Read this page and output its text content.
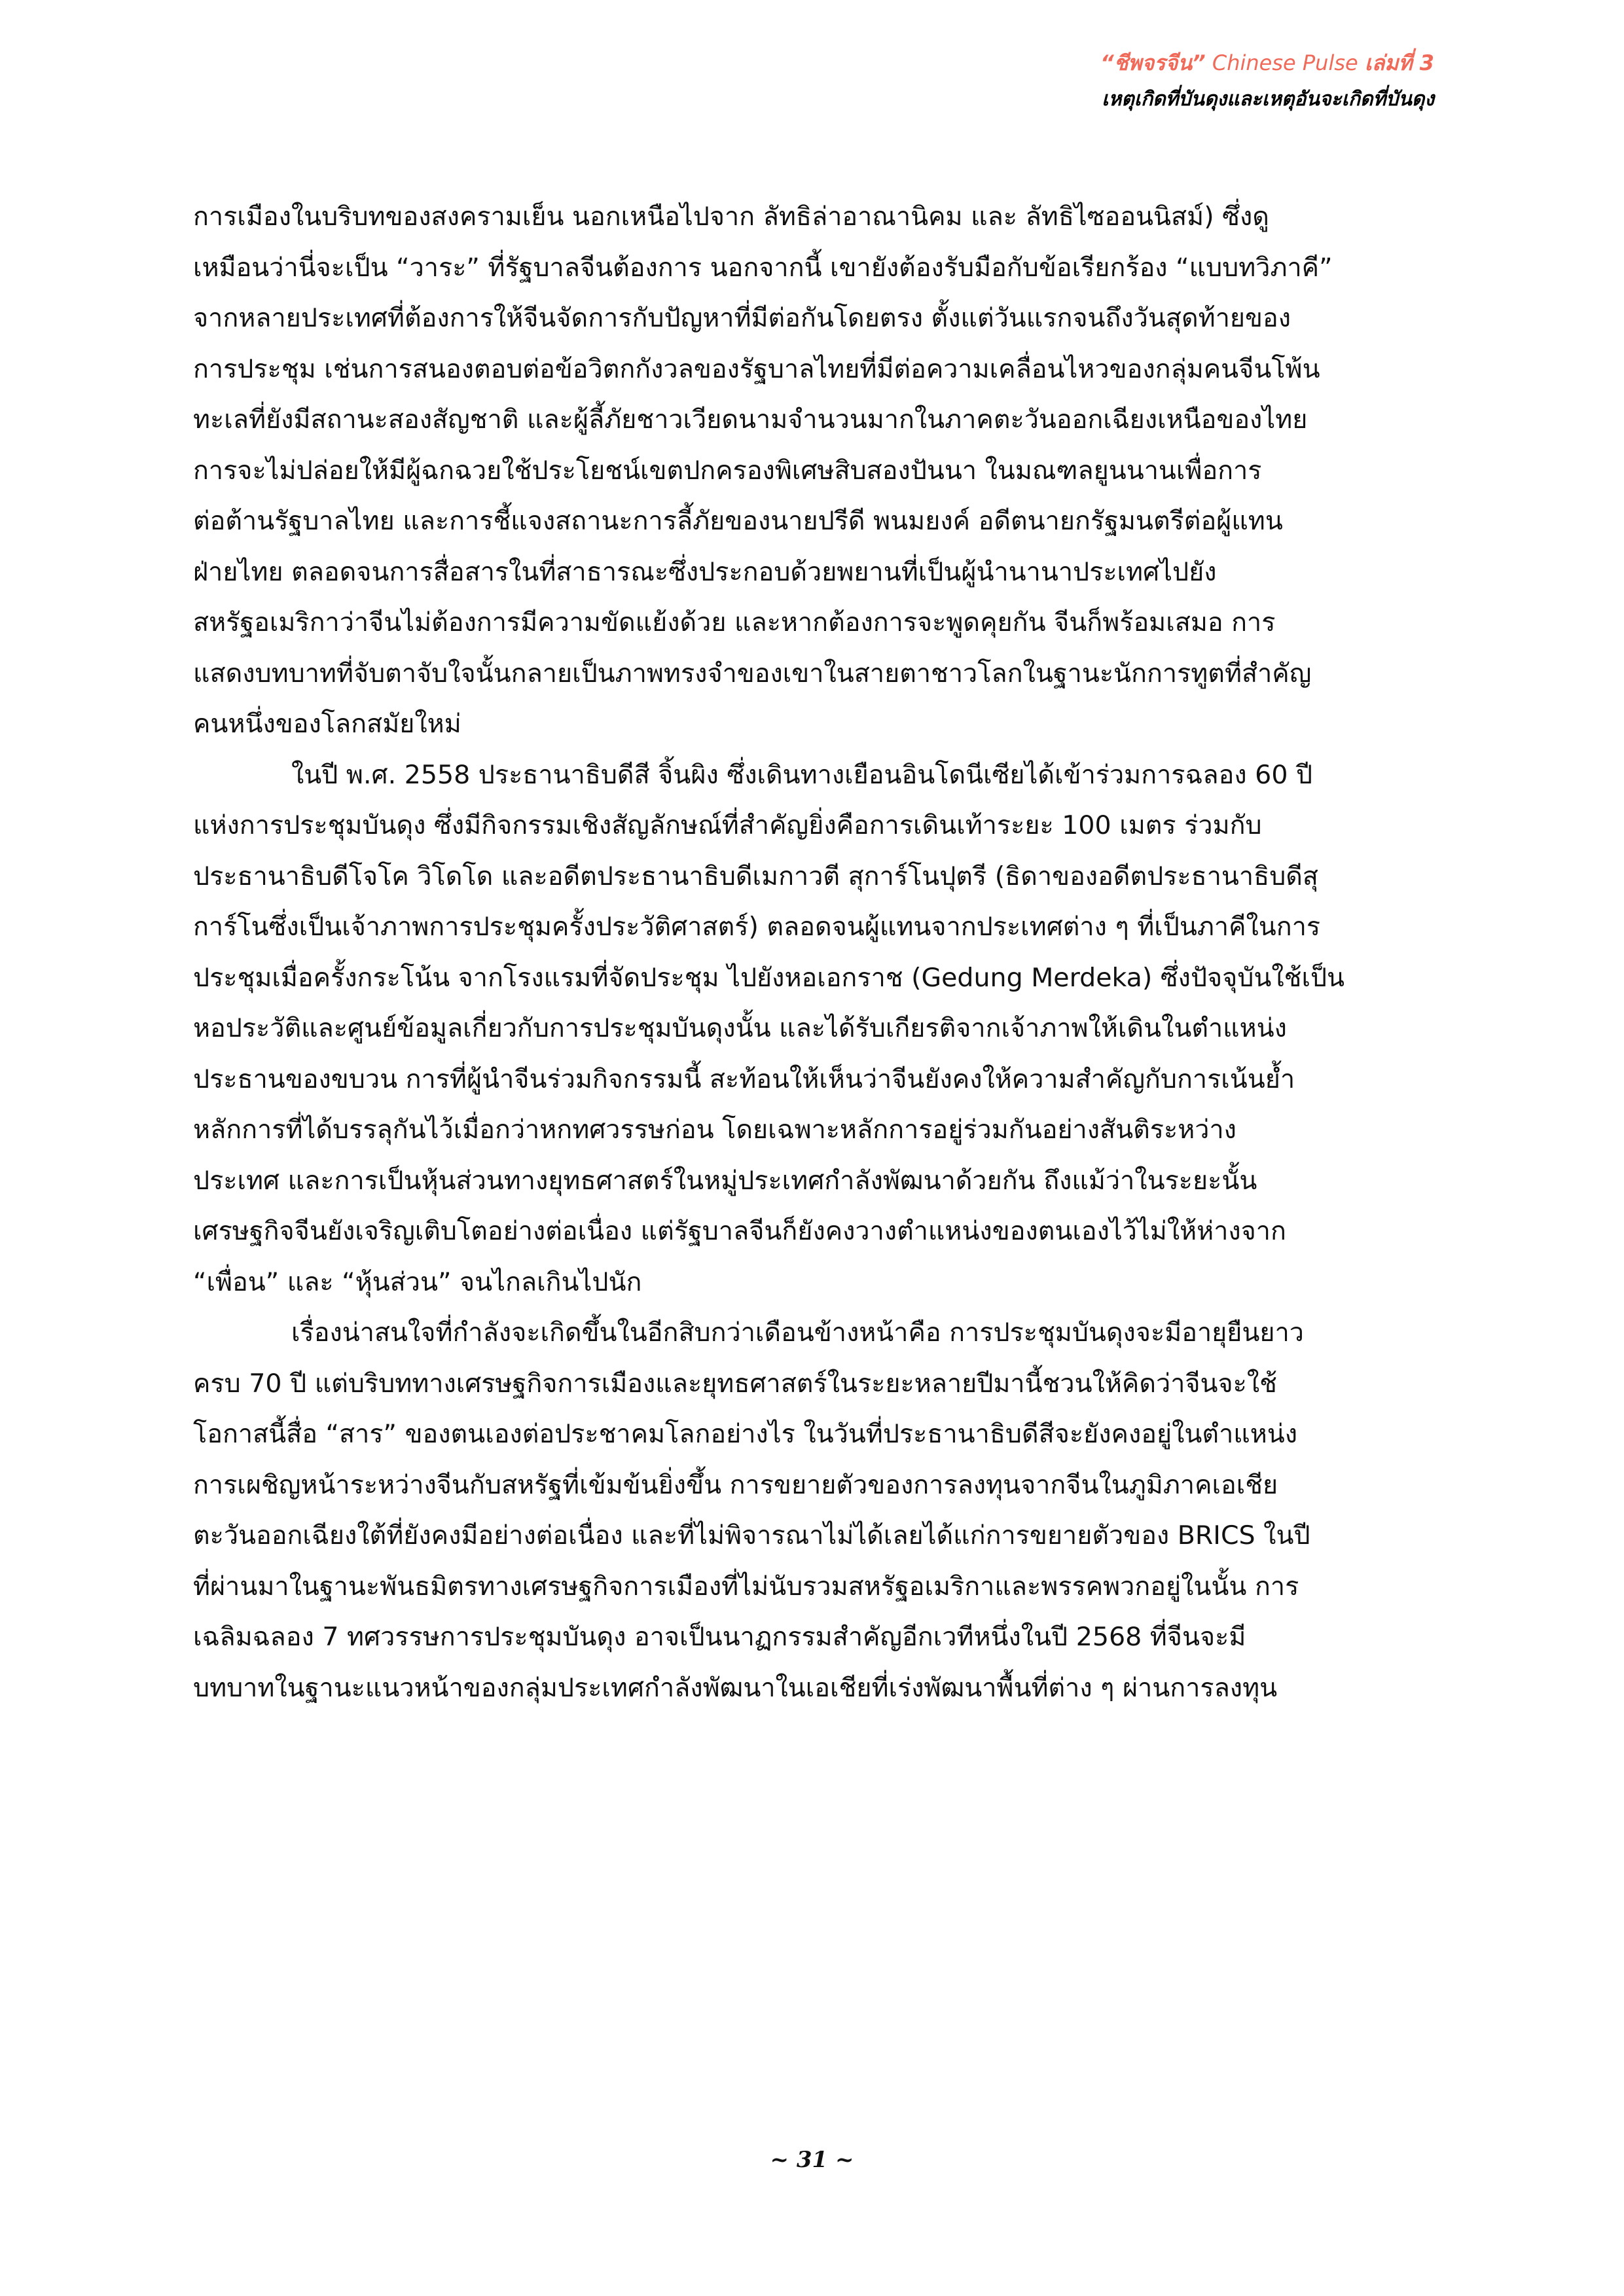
“ชีพจรจีน” Chinese Pulse เล่มที่ 3
เหตุเกิดที่บันดุงและเหตุอันจะเกิดที่บันดุง
การเมืองในบริบทของสงครามเย็น นอกเหนือไปจาก ลัทธิล่าอาณานิคม และ ลัทธิไซออนนิสม์) ซึ่งดู
เหมือนว่านี่จะเป็น “วาระ” ที่รัฐบาลจีนต้องการ นอกจากนี้ เขายังต้องรับมือกับข้อเรียกร้อง “แบบทวิภาคี”
จากหลายประเทศที่ต้องการให้จีนจัดการกับปัญหาที่มีต่อกันโดยตรง ตั้งแต่วันแรกจนถึงวันสุดท้ายของ
การประชุม เช่นการสนองตอบต่อข้อวิตกกังวลของรัฐบาลไทยที่มีต่อความเคลื่อนไหวของกลุ่มคนจีนโพ้น
ทะเลที่ยังมีสถานะสองสัญชาติ และผู้ลี้ภัยชาวเวียดนามจำนวนมากในภาคตะวันออกเฉียงเหนือของไทย
การจะไม่ปล่อยให้มีผู้ฉกฉวยใช้ประโยชน์เขตปกครองพิเศษสิบสองปันนา ในมณฑลยูนนานเพื่อการ
ต่อต้านรัฐบาลไทย และการชี้แจงสถานะการลี้ภัยของนายปรีดี พนมยงค์ อดีตนายกรัฐมนตรีต่อผู้แทน
ฝ่ายไทย ตลอดจนการสื่อสารในที่สาธารณะซึ่งประกอบด้วยพยานที่เป็นผู้นำนานาประเทศไปยัง
สหรัฐอเมริกาว่าจีนไม่ต้องการมีความขัดแย้งด้วย และหากต้องการจะพูดคุยกัน จีนก็พร้อมเสมอ การ
แสดงบทบาทที่จับตาจับใจนั้นกลายเป็นภาพทรงจำของเขาในสายตาชาวโลกในฐานะนักการทูตที่สำคัญ
คนหนึ่งของโลกสมัยใหม่
ในปี พ.ศ. 2558 ประธานาธิบดีสี จิ้นผิง ซึ่งเดินทางเยือนอินโดนีเซียได้เข้าร่วมการฉลอง 60 ปี
แห่งการประชุมบันดุง ซึ่งมีกิจกรรมเชิงสัญลักษณ์ที่สำคัญยิ่งคือการเดินเท้าระยะ 100 เมตร ร่วมกับ
ประธานาธิบดีโจโค วิโดโด และอดีตประธานาธิบดีเมกาวตี สุการ์โนปุตรี (ธิดาของอดีตประธานาธิบดีสุ
การ์โนซึ่งเป็นเจ้าภาพการประชุมครั้งประวัติศาสตร์) ตลอดจนผู้แทนจากประเทศต่าง ๆ ที่เป็นภาคีในการ
ประชุมเมื่อครั้งกระโน้น จากโรงแรมที่จัดประชุม ไปยังหอเอกราช (Gedung Merdeka) ซึ่งปัจจุบันใช้เป็น
หอประวัติและศูนย์ข้อมูลเกี่ยวกับการประชุมบันดุงนั้น และได้รับเกียรติจากเจ้าภาพให้เดินในตำแหน่ง
ประธานของขบวน การที่ผู้นำจีนร่วมกิจกรรมนี้ สะท้อนให้เห็นว่าจีนยังคงให้ความสำคัญกับการเน้นย้ำ
หลักการที่ได้บรรลุกันไว้เมื่อกว่าหกทศวรรษก่อน โดยเฉพาะหลักการอยู่ร่วมกันอย่างสันติระหว่าง
ประเทศ และการเป็นหุ้นส่วนทางยุทธศาสตร์ในหมู่ประเทศกำลังพัฒนาด้วยกัน ถึงแม้ว่าในระยะนั้น
เศรษฐกิจจีนยังเจริญเติบโตอย่างต่อเนื่อง แต่รัฐบาลจีนก็ยังคงวางตำแหน่งของตนเองไว้ไม่ให้ห่างจาก
“เพื่อน” และ “หุ้นส่วน” จนไกลเกินไปนัก
เรื่องน่าสนใจที่กำลังจะเกิดขึ้นในอีกสิบกว่าเดือนข้างหน้าคือ การประชุมบันดุงจะมีอายุยืนยาว
ครบ 70 ปี แต่บริบททางเศรษฐกิจการเมืองและยุทธศาสตร์ในระยะหลายปีมานี้ชวนให้คิดว่าจีนจะใช้
โอกาสนี้สื่อ “สาร” ของตนเองต่อประชาคมโลกอย่างไร ในวันที่ประธานาธิบดีสีจะยังคงอยู่ในตำแหน่ง
การเผชิญหน้าระหว่างจีนกับสหรัฐที่เข้มข้นยิ่งขึ้น การขยายตัวของการลงทุนจากจีนในภูมิภาคเอเชีย
ตะวันออกเฉียงใต้ที่ยังคงมีอย่างต่อเนื่อง และที่ไม่พิจารณาไม่ได้เลยได้แก่การขยายตัวของ BRICS ในปี
ที่ผ่านมาในฐานะพันธมิตรทางเศรษฐกิจการเมืองที่ไม่นับรวมสหรัฐอเมริกาและพรรคพวกอยู่ในนั้น การ
เฉลิมฉลอง 7 ทศวรรษการประชุมบันดุง อาจเป็นนาฏกรรมสำคัญอีกเวทีหนึ่งในปี 2568 ที่จีนจะมี
บทบาทในฐานะแนวหน้าของกลุ่มประเทศกำลังพัฒนาในเอเชียที่เร่งพัฒนาพื้นที่ต่าง ๆ ผ่านการลงทุน
~ 31 ~
